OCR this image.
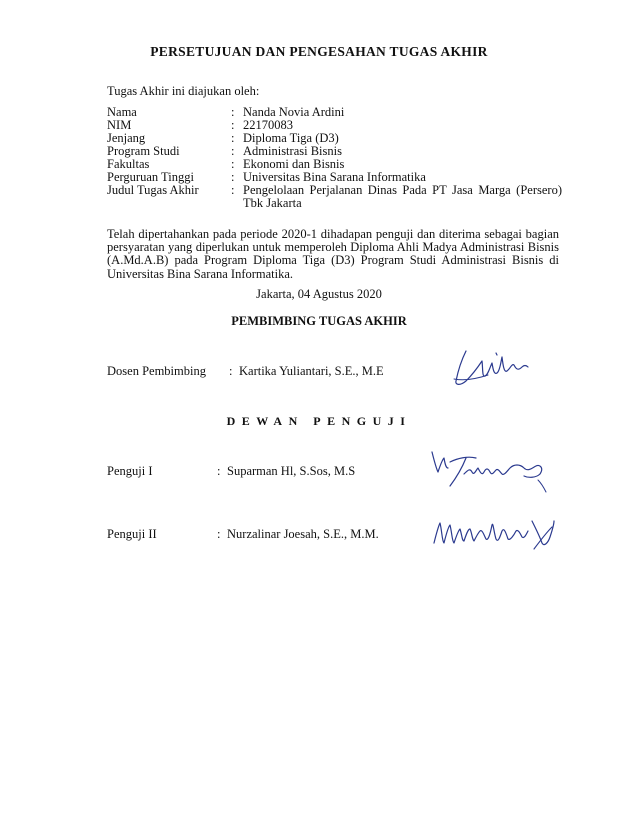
PERSETUJUAN DAN PENGESAHAN TUGAS AKHIR
Tugas Akhir ini diajukan oleh:
Nama	:	Nanda Novia Ardini
NIM	:	22170083
Jenjang	:	Diploma Tiga (D3)
Program Studi	:	Administrasi Bisnis
Fakultas	:	Ekonomi dan Bisnis
Perguruan Tinggi	:	Universitas Bina Sarana Informatika
Judul Tugas Akhir	:	Pengelolaan Perjalanan Dinas Pada PT Jasa Marga (Persero) Tbk Jakarta
Telah dipertahankan pada periode 2020-1 dihadapan penguji dan diterima sebagai bagian persyaratan yang diperlukan untuk memperoleh Diploma Ahli Madya Administrasi Bisnis (A.Md.A.B) pada Program Diploma Tiga (D3) Program Studi Administrasi Bisnis di Universitas Bina Sarana Informatika.
Jakarta, 04 Agustus 2020
PEMBIMBING TUGAS AKHIR
Dosen Pembimbing : Kartika Yuliantari, S.E., M.E
DEWAN PENGUJI
Penguji I	: Suparman Hl, S.Sos, M.S
Penguji II	: Nurzalinar Joesah, S.E., M.M.
